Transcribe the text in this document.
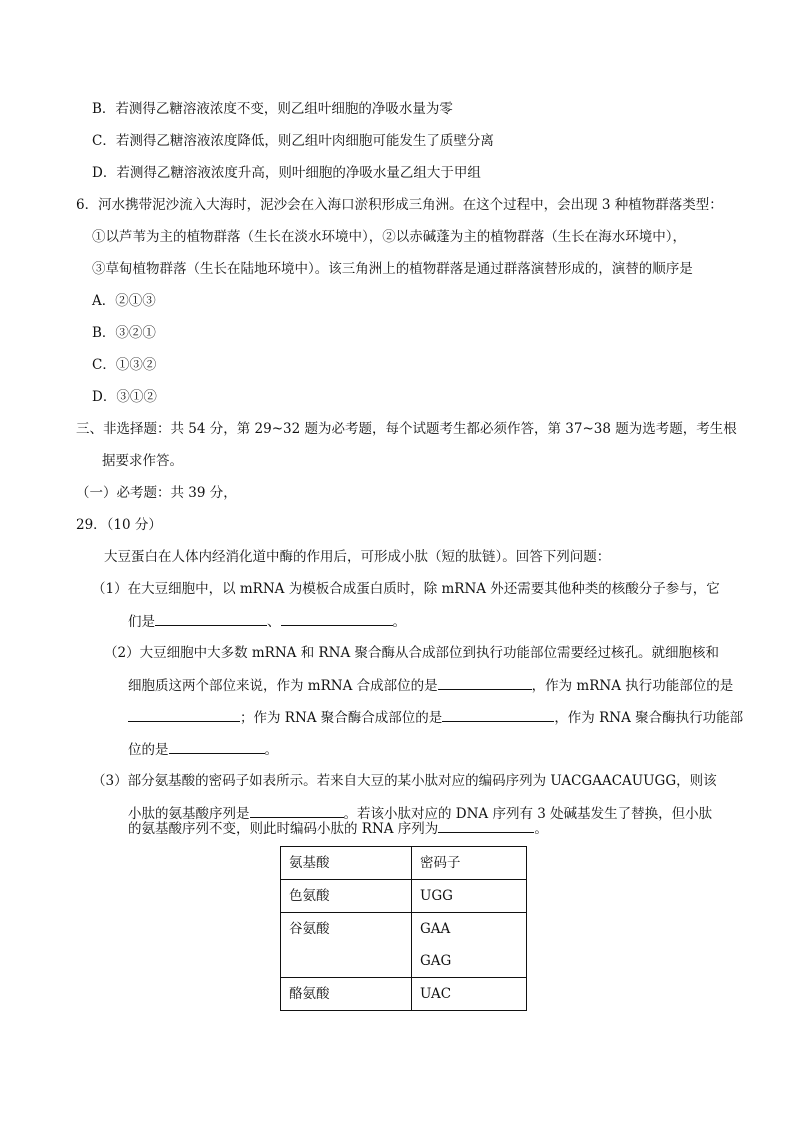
B．若测得乙糖溶液浓度不变，则乙组叶细胞的净吸水量为零
C．若测得乙糖溶液浓度降低，则乙组叶肉细胞可能发生了质壁分离
D．若测得乙糖溶液浓度升高，则叶细胞的净吸水量乙组大于甲组
6．河水携带泥沙流入大海时，泥沙会在入海口淤积形成三角洲。在这个过程中，会出现 3 种植物群落类型：
①以芦苇为主的植物群落（生长在淡水环境中），②以赤碱蓬为主的植物群落（生长在海水环境中），
③草甸植物群落（生长在陆地环境中）。该三角洲上的植物群落是通过群落演替形成的，演替的顺序是
A．②①③
B．③②①
C．①③②
D．③①②
三、非选择题：共 54 分，第 29~32 题为必考题，每个试题考生都必须作答，第 37~38 题为选考题，考生根
据要求作答。
（一）必考题：共 39 分，
29．（10 分）
大豆蛋白在人体内经消化道中酶的作用后，可形成小肽（短的肽链）。回答下列问题：
（1）在大豆细胞中，以 mRNA 为模板合成蛋白质时，除 mRNA 外还需要其他种类的核酸分子参与，它
们是	、	。
（2）大豆细胞中大多数 mRNA 和 RNA 聚合酶从合成部位到执行功能部位需要经过核孔。就细胞核和
细胞质这两个部位来说，作为 mRNA 合成部位的是	，作为 mRNA 执行功能部位的是
；作为 RNA 聚合酶合成部位的是	，作为 RNA 聚合酶执行功能部
位的是	。
（3）部分氨基酸的密码子如表所示。若来自大豆的某小肽对应的编码序列为 UACGAACAUUGG，则该
小肽的氨基酸序列是	。若该小肽对应的 DNA 序列有 3 处碱基发生了替换，但小肽
的氨基酸序列不变，则此时编码小肽的 RNA 序列为	。
氨基酸	密码子
色氨酸	UGG
谷氨酸	GAA
GAG

酪氨酸	UAC
